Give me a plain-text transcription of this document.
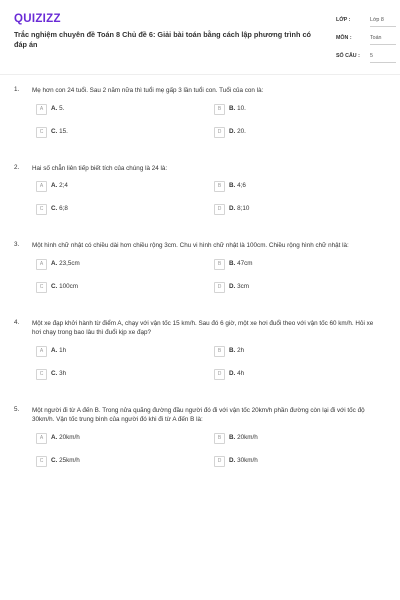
QUIZIZZ
Trắc nghiệm chuyên đề Toán 8 Chủ đề 6: Giải bài toán bằng cách lập phương trình có đáp án
LỚP :	Lớp 8
MÔN :	Toán
SỐ CÂU : 5
1. Mẹ hơn con 24 tuổi. Sau 2 năm nữa thì tuổi mẹ gấp 3 lần tuổi con. Tuổi của con là:
A	A. 5.	B	B. 10.
C	C. 15.	D	D. 20.
2. Hai số chẵn liên tiếp biết tích của chúng là 24 là:
A	A. 2;4	B	B. 4;6
C	C. 6;8	D	D. 8;10
3. Một hình chữ nhật có chiều dài hơn chiều rộng 3cm. Chu vi hình chữ nhật là 100cm. Chiều rộng hình chữ nhật là:
A	A. 23,5cm	B	B. 47cm
C	C. 100cm	D	D. 3cm
4. Một xe đạp khởi hành từ điểm A, chạy với vận tốc 15 km/h. Sau đó 6 giờ, một xe hơi đuổi theo với vận tốc 60 km/h. Hỏi xe hơi chạy trong bao lâu thì đuổi kịp xe đạp?
A	A. 1h	B	B. 2h
C	C. 3h	D	D. 4h
5. Một người đi từ A đến B. Trong nửa quãng đường đầu người đó đi với vận tốc 20km/h phần đường còn lại đi với tốc độ 30km/h. Vận tốc trung bình của người đó khi đi từ A đến B là:
A	A. 20km/h	B	B. 20km/h
C	C. 25km/h	D	D. 30km/h
